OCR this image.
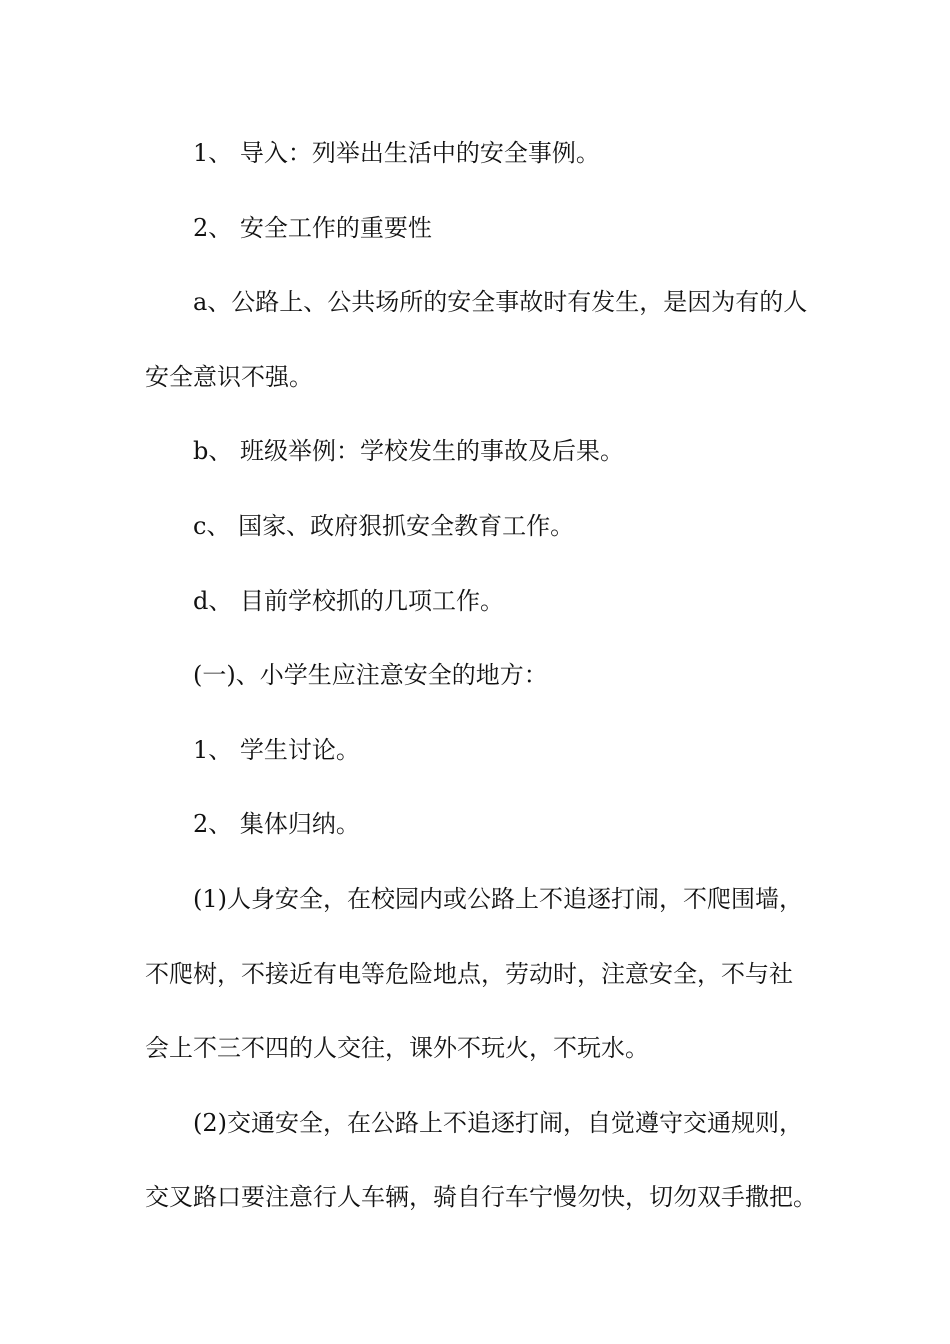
1、 导入：列举出生活中的安全事例。
2、 安全工作的重要性
a、公路上、公共场所的安全事故时有发生，是因为有的人
安全意识不强。
b、 班级举例：学校发生的事故及后果。
c、 国家、政府狠抓安全教育工作。
d、 目前学校抓的几项工作。
(一)、小学生应注意安全的地方：
1、 学生讨论。
2、 集体归纳。
(1)人身安全，在校园内或公路上不追逐打闹，不爬围墙，
不爬树，不接近有电等危险地点，劳动时，注意安全，不与社
会上不三不四的人交往，课外不玩火，不玩水。
(2)交通安全，在公路上不追逐打闹，自觉遵守交通规则，
交叉路口要注意行人车辆，骑自行车宁慢勿快，切勿双手撒把。
